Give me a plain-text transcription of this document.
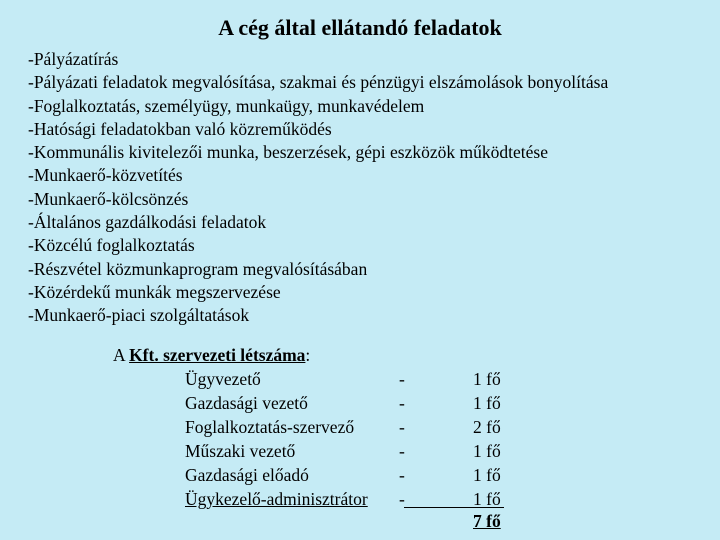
A cég által ellátandó feladatok
-Pályázatírás
-Pályázati feladatok megvalósítása, szakmai és pénzügyi elszámolások bonyolítása
-Foglalkoztatás, személyügy, munkaügy, munkavédelem
-Hatósági feladatokban való közreműködés
-Kommunális kivitelezői munka, beszerzések, gépi eszközök működtetése
-Munkaerő-közvetítés
-Munkaerő-kölcsönzés
-Általános gazdálkodási feladatok
-Közcélú foglalkoztatás
-Részvétel közmunkaprogram megvalósításában
-Közérdekű munkák megszervezése
-Munkaerő-piaci szolgáltatások
A Kft. szervezeti létszáma:
Ügyvezető	-	1 fő
Gazdasági vezető	-	1 fő
Foglalkoztatás-szervező	-	2 fő
Műszaki vezető	-	1 fő
Gazdasági előadó	-	1 fő
Ügykezelő-adminisztrátor -	1 fő
7 fő
